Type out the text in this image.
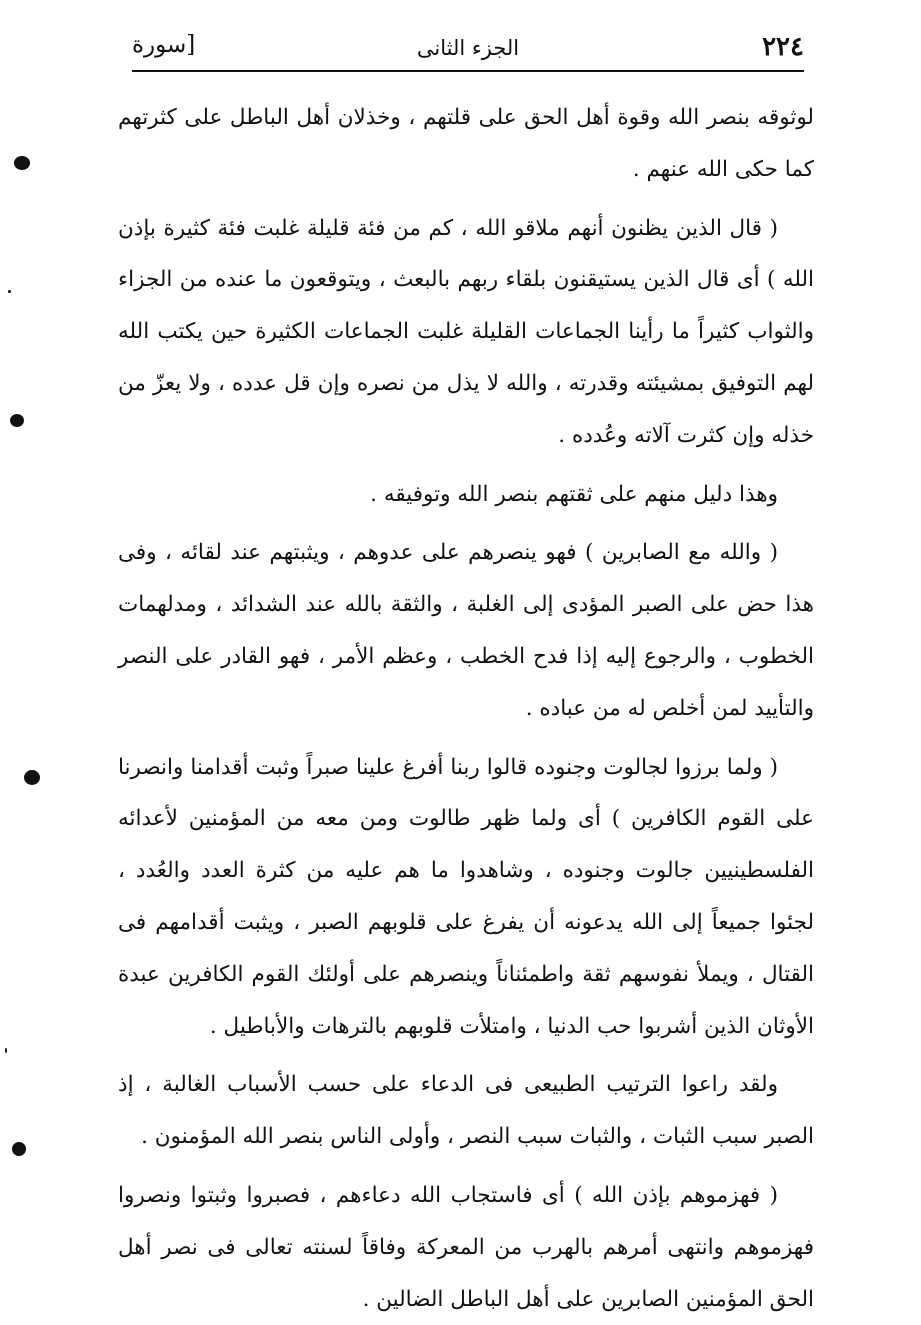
٢٢٤
الجزء الثانى
[سورة

لوثوقه بنصر الله وقوة أهل الحق على قلتهم ، وخذلان أهل الباطل على كثرتهم كما حكى الله عنهم .

( قال الذين يظنون أنهم ملاقو الله ، كم من فئة قليلة غلبت فئة كثيرة بإذن الله ) أى قال الذين يستيقنون بلقاء ربهم بالبعث ، ويتوقعون ما عنده من الجزاء والثواب كثيراً ما رأينا الجماعات القليلة غلبت الجماعات الكثيرة حين يكتب الله لهم التوفيق بمشيئته وقدرته ، والله لا يذل من نصره وإن قل عدده ، ولا يعزّ من خذله وإن كثرت آلاته وعُدده .

وهذا دليل منهم على ثقتهم بنصر الله وتوفيقه .

( والله مع الصابرين ) فهو ينصرهم على عدوهم ، ويثبتهم عند لقائه ، وفى هذا حض على الصبر المؤدى إلى الغلبة ، والثقة بالله عند الشدائد ، ومدلهمات الخطوب ، والرجوع إليه إذا فدح الخطب ، وعظم الأمر ، فهو القادر على النصر والتأييد لمن أخلص له من عباده .

( ولما برزوا لجالوت وجنوده قالوا ربنا أفرغ علينا صبراً وثبت أقدامنا وانصرنا على القوم الكافرين ) أى ولما ظهر طالوت ومن معه من المؤمنين لأعدائه الفلسطينيين جالوت وجنوده ، وشاهدوا ما هم عليه من كثرة العدد والعُدد ، لجئوا جميعاً إلى الله يدعونه أن يفرغ على قلوبهم الصبر ، ويثبت أقدامهم فى القتال ، ويملأ نفوسهم ثقة واطمئناناً وينصرهم على أولئك القوم الكافرين عبدة الأوثان الذين أشربوا حب الدنيا ، وامتلأت قلوبهم بالترهات والأباطيل .

ولقد راعوا الترتيب الطبيعى فى الدعاء على حسب الأسباب الغالبة ، إذ الصبر سبب الثبات ، والثبات سبب النصر ، وأولى الناس بنصر الله المؤمنون .

( فهزموهم بإذن الله ) أى فاستجاب الله دعاءهم ، فصبروا وثبتوا ونصروا فهزموهم وانتهى أمرهم بالهرب من المعركة وفاقاً لسنته تعالى فى نصر أهل الحق المؤمنين الصابرين على أهل الباطل الضالين .
